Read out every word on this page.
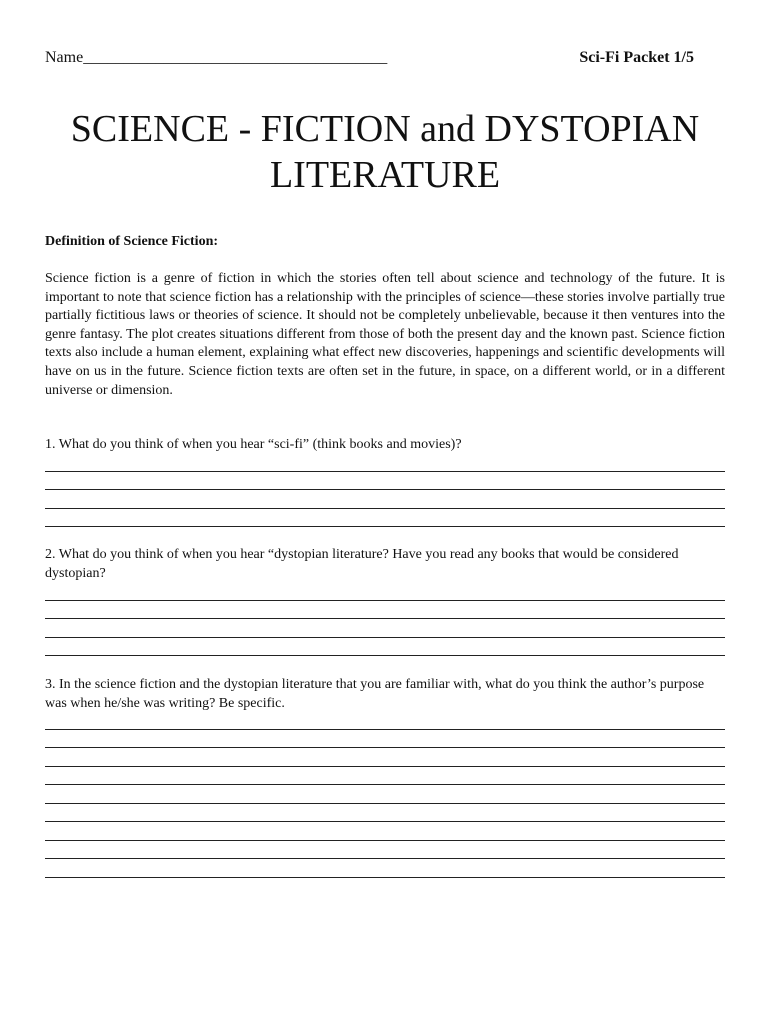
Name______________________________________	Sci-Fi Packet 1/5
SCIENCE - FICTION and DYSTOPIAN LITERATURE
Definition of Science Fiction:
Science fiction is a genre of fiction in which the stories often tell about science and technology of the future. It is important to note that science fiction has a relationship with the principles of science—these stories involve partially true partially fictitious laws or theories of science. It should not be completely unbelievable, because it then ventures into the genre fantasy. The plot creates situations different from those of both the present day and the known past. Science fiction texts also include a human element, explaining what effect new discoveries, happenings and scientific developments will have on us in the future. Science fiction texts are often set in the future, in space, on a different world, or in a different universe or dimension.
1. What do you think of when you hear “sci-fi” (think books and movies)?
2. What do you think of when you hear “dystopian literature? Have you read any books that would be considered dystopian?
3. In the science fiction and the dystopian literature that you are familiar with, what do you think the author’s purpose was when he/she was writing? Be specific.
